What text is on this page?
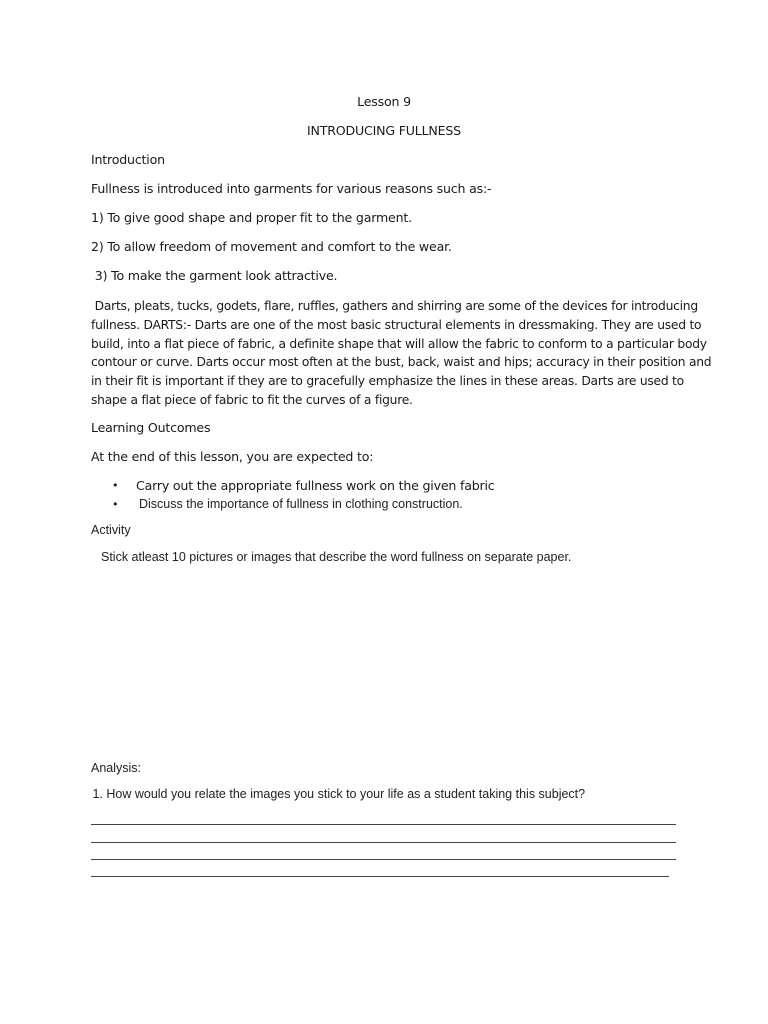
Lesson 9
INTRODUCING FULLNESS
Introduction
Fullness is introduced into garments for various reasons such as:-
1) To give good shape and proper fit to the garment.
2) To allow freedom of movement and comfort to the wear.
3) To make the garment look attractive.
Darts, pleats, tucks, godets, flare, ruffles, gathers and shirring are some of the devices for introducing
fullness. DARTS:- Darts are one of the most basic structural elements in dressmaking. They are used to
build, into a flat piece of fabric, a definite shape that will allow the fabric to conform to a particular body
contour or curve. Darts occur most often at the bust, back, waist and hips; accuracy in their position and
in their fit is important if they are to gracefully emphasize the lines in these areas. Darts are used to
shape a flat piece of fabric to fit the curves of a figure.
Learning Outcomes
At the end of this lesson, you are expected to:
• Carry out the appropriate fullness work on the given fabric
• Discuss the importance of fullness in clothing construction.
Activity
Stick atleast 10 pictures or images that describe the word fullness on separate paper.
Analysis:
1. How would you relate the images you stick to your life as a student taking this subject?
